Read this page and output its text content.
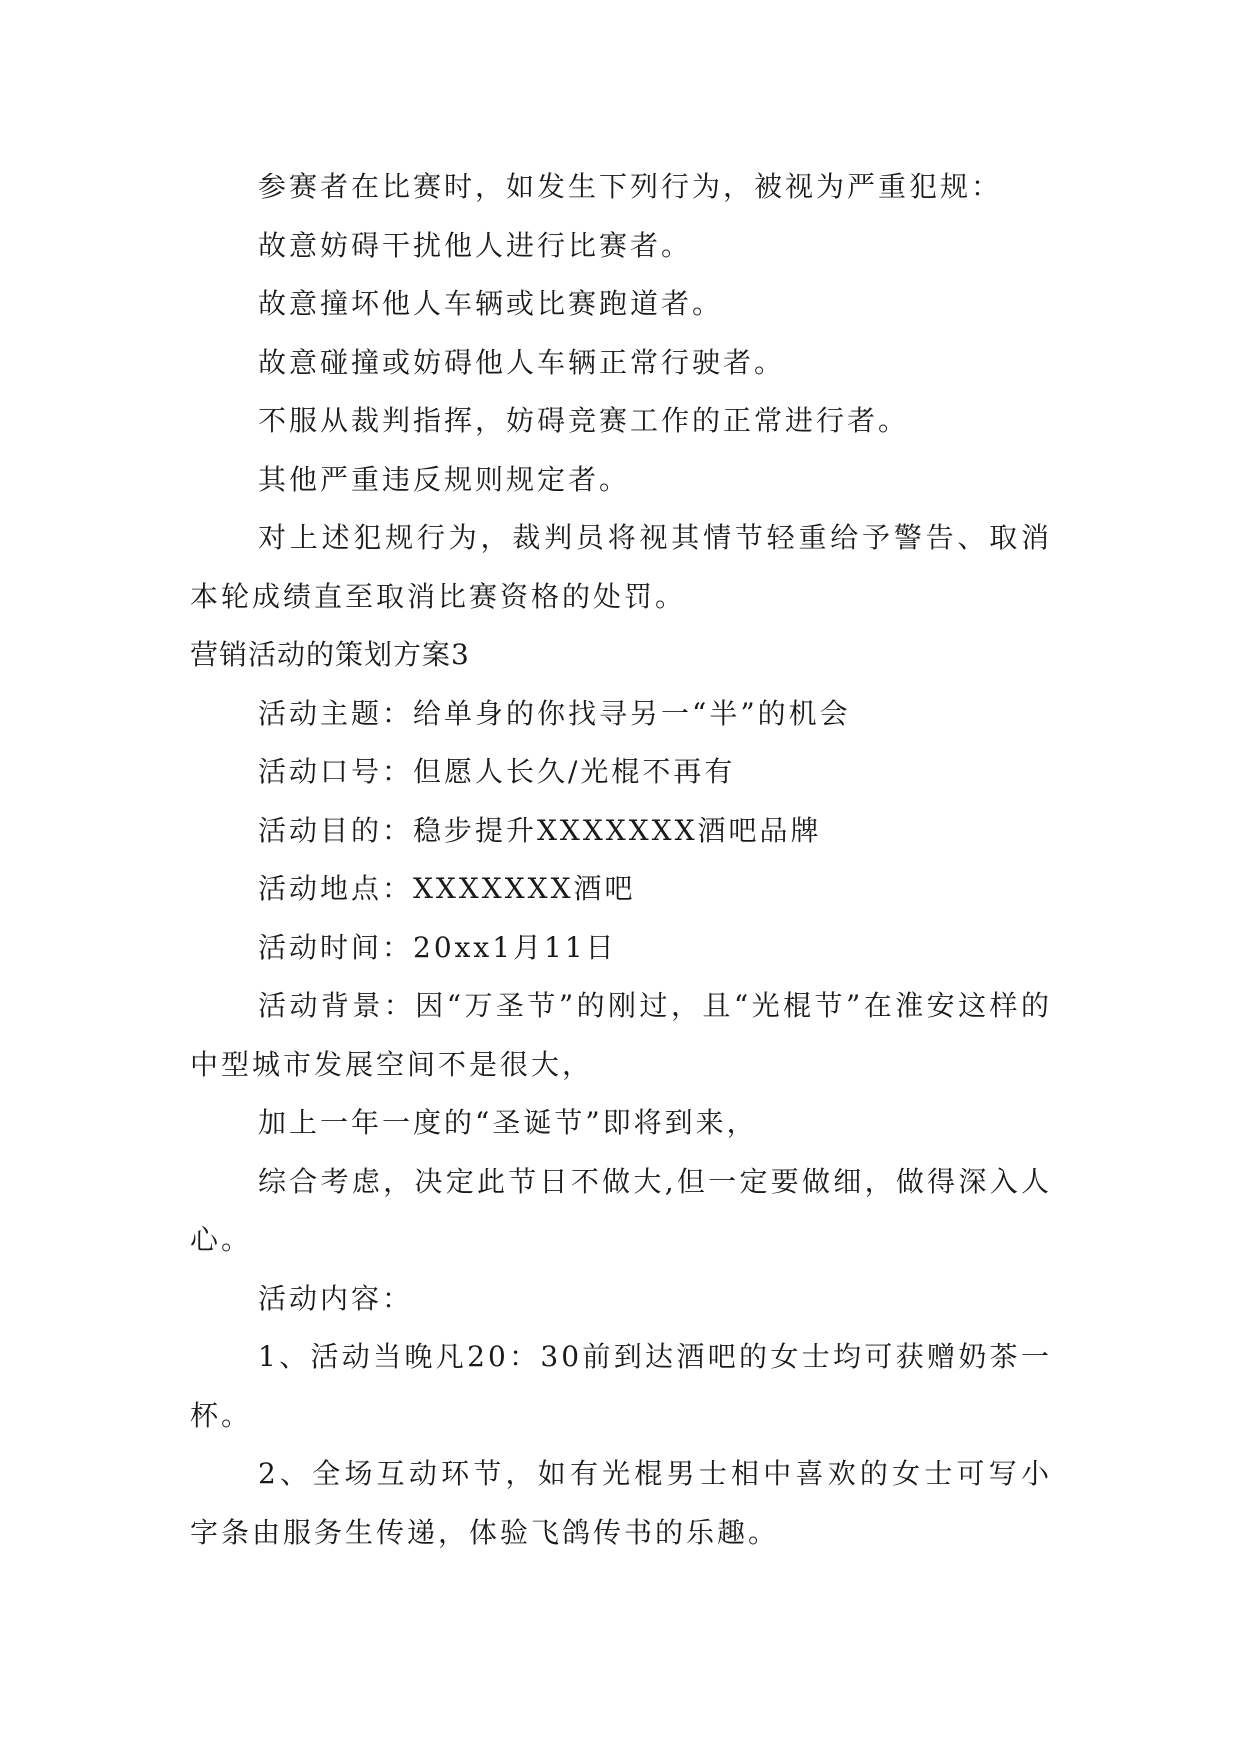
参赛者在比赛时，如发生下列行为，被视为严重犯规：

故意妨碍干扰他人进行比赛者。

故意撞坏他人车辆或比赛跑道者。

故意碰撞或妨碍他人车辆正常行驶者。

不服从裁判指挥，妨碍竞赛工作的正常进行者。

其他严重违反规则规定者。

对上述犯规行为，裁判员将视其情节轻重给予警告、取消本轮成绩直至取消比赛资格的处罚。

营销活动的策划方案3

活动主题：给单身的你找寻另一“半”的机会

活动口号：但愿人长久/光棍不再有

活动目的：稳步提升XXXXXXX酒吧品牌

活动地点：XXXXXXX酒吧

活动时间：20xx1月11日

活动背景：因“万圣节”的刚过，且“光棍节”在淮安这样的中型城市发展空间不是很大，

加上一年一度的“圣诞节”即将到来，

综合考虑，决定此节日不做大,但一定要做细，做得深入人心。

活动内容：

1、活动当晚凡20：30前到达酒吧的女士均可获赠奶茶一杯。

2、全场互动环节，如有光棍男士相中喜欢的女士可写小字条由服务生传递，体验飞鸽传书的乐趣。
